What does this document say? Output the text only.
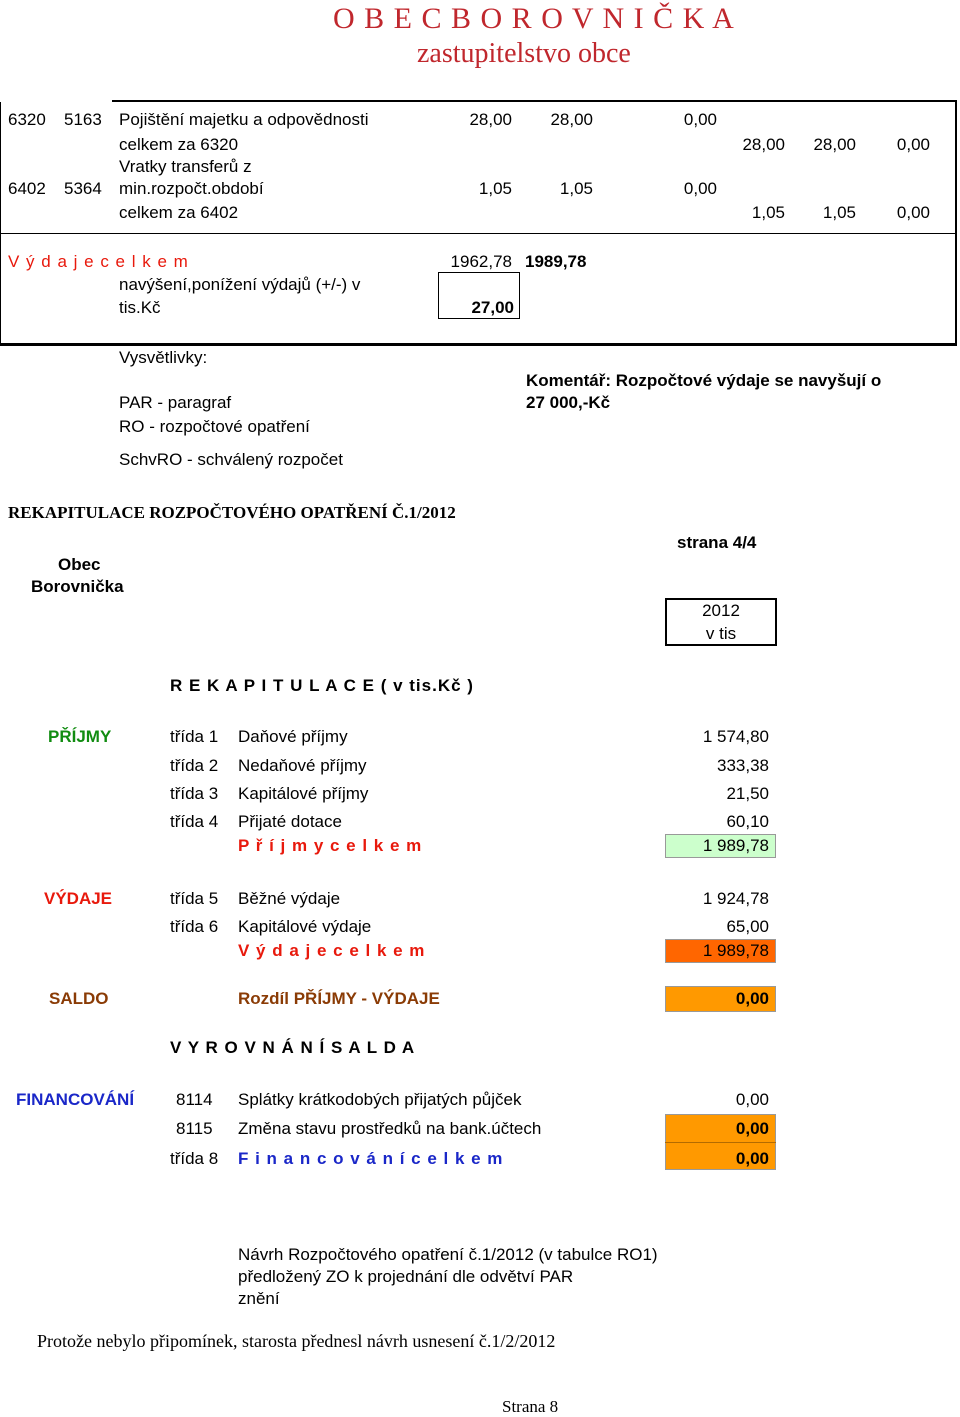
O B E C B O R O V N I Č K A
zastupitelstvo obce
6320 5163 Pojištění majetku a odpovědnosti	28,00	28,00	0,00
celkem za 6320	28,00	28,00	0,00
Vratky transferů z
6402 5364 min.rozpočt.období	1,05	1,05	0,00
celkem za 6402	1,05	1,05	0,00
V ý d a j e c e l k e m	1962,78 1989,78
navýšení,ponížení výdajů (+/-) v
tis.Kč	27,00
Vysvětlivky:
PAR - paragraf
RO - rozpočtové opatření
SchvRO - schválený rozpočet
Komentář: Rozpočtové výdaje se navyšují o
27 000,-Kč
REKAPITULACE ROZPOČTOVÉHO OPATŘENÍ Č.1/2012
strana 4/4
Obec
Borovnička
2012
v tis
R E K A P I T U L A C E ( v tis.Kč )
PŘÍJMY	třída 1 Daňové příjmy	1 574,80
třída 2 Nedaňové příjmy	333,38
třída 3 Kapitálové příjmy	21,50
třída 4 Přijaté dotace	60,10
P ř í j m y c e l k e m	1 989,78
VÝDAJE	třída 5 Běžné výdaje	1 924,78
třída 6 Kapitálové výdaje	65,00
V ý d a j e c e l k e m	1 989,78
SALDO	Rozdíl PŘÍJMY - VÝDAJE	0,00
V Y R O V N Á N Í S A L D A
FINANCOVÁNÍ 8114 Splátky krátkodobých přijatých půjček	0,00
8115 Změna stavu prostředků na bank.účtech	0,00
třída 8 F i n a n c o v á n í c e l k e m	0,00
Návrh Rozpočtového opatření č.1/2012 (v tabulce RO1)
předložený ZO k projednání dle odvětví PAR
znění
Protože nebylo připomínek, starosta přednesl návrh usnesení č.1/2/2012
Strana 8
